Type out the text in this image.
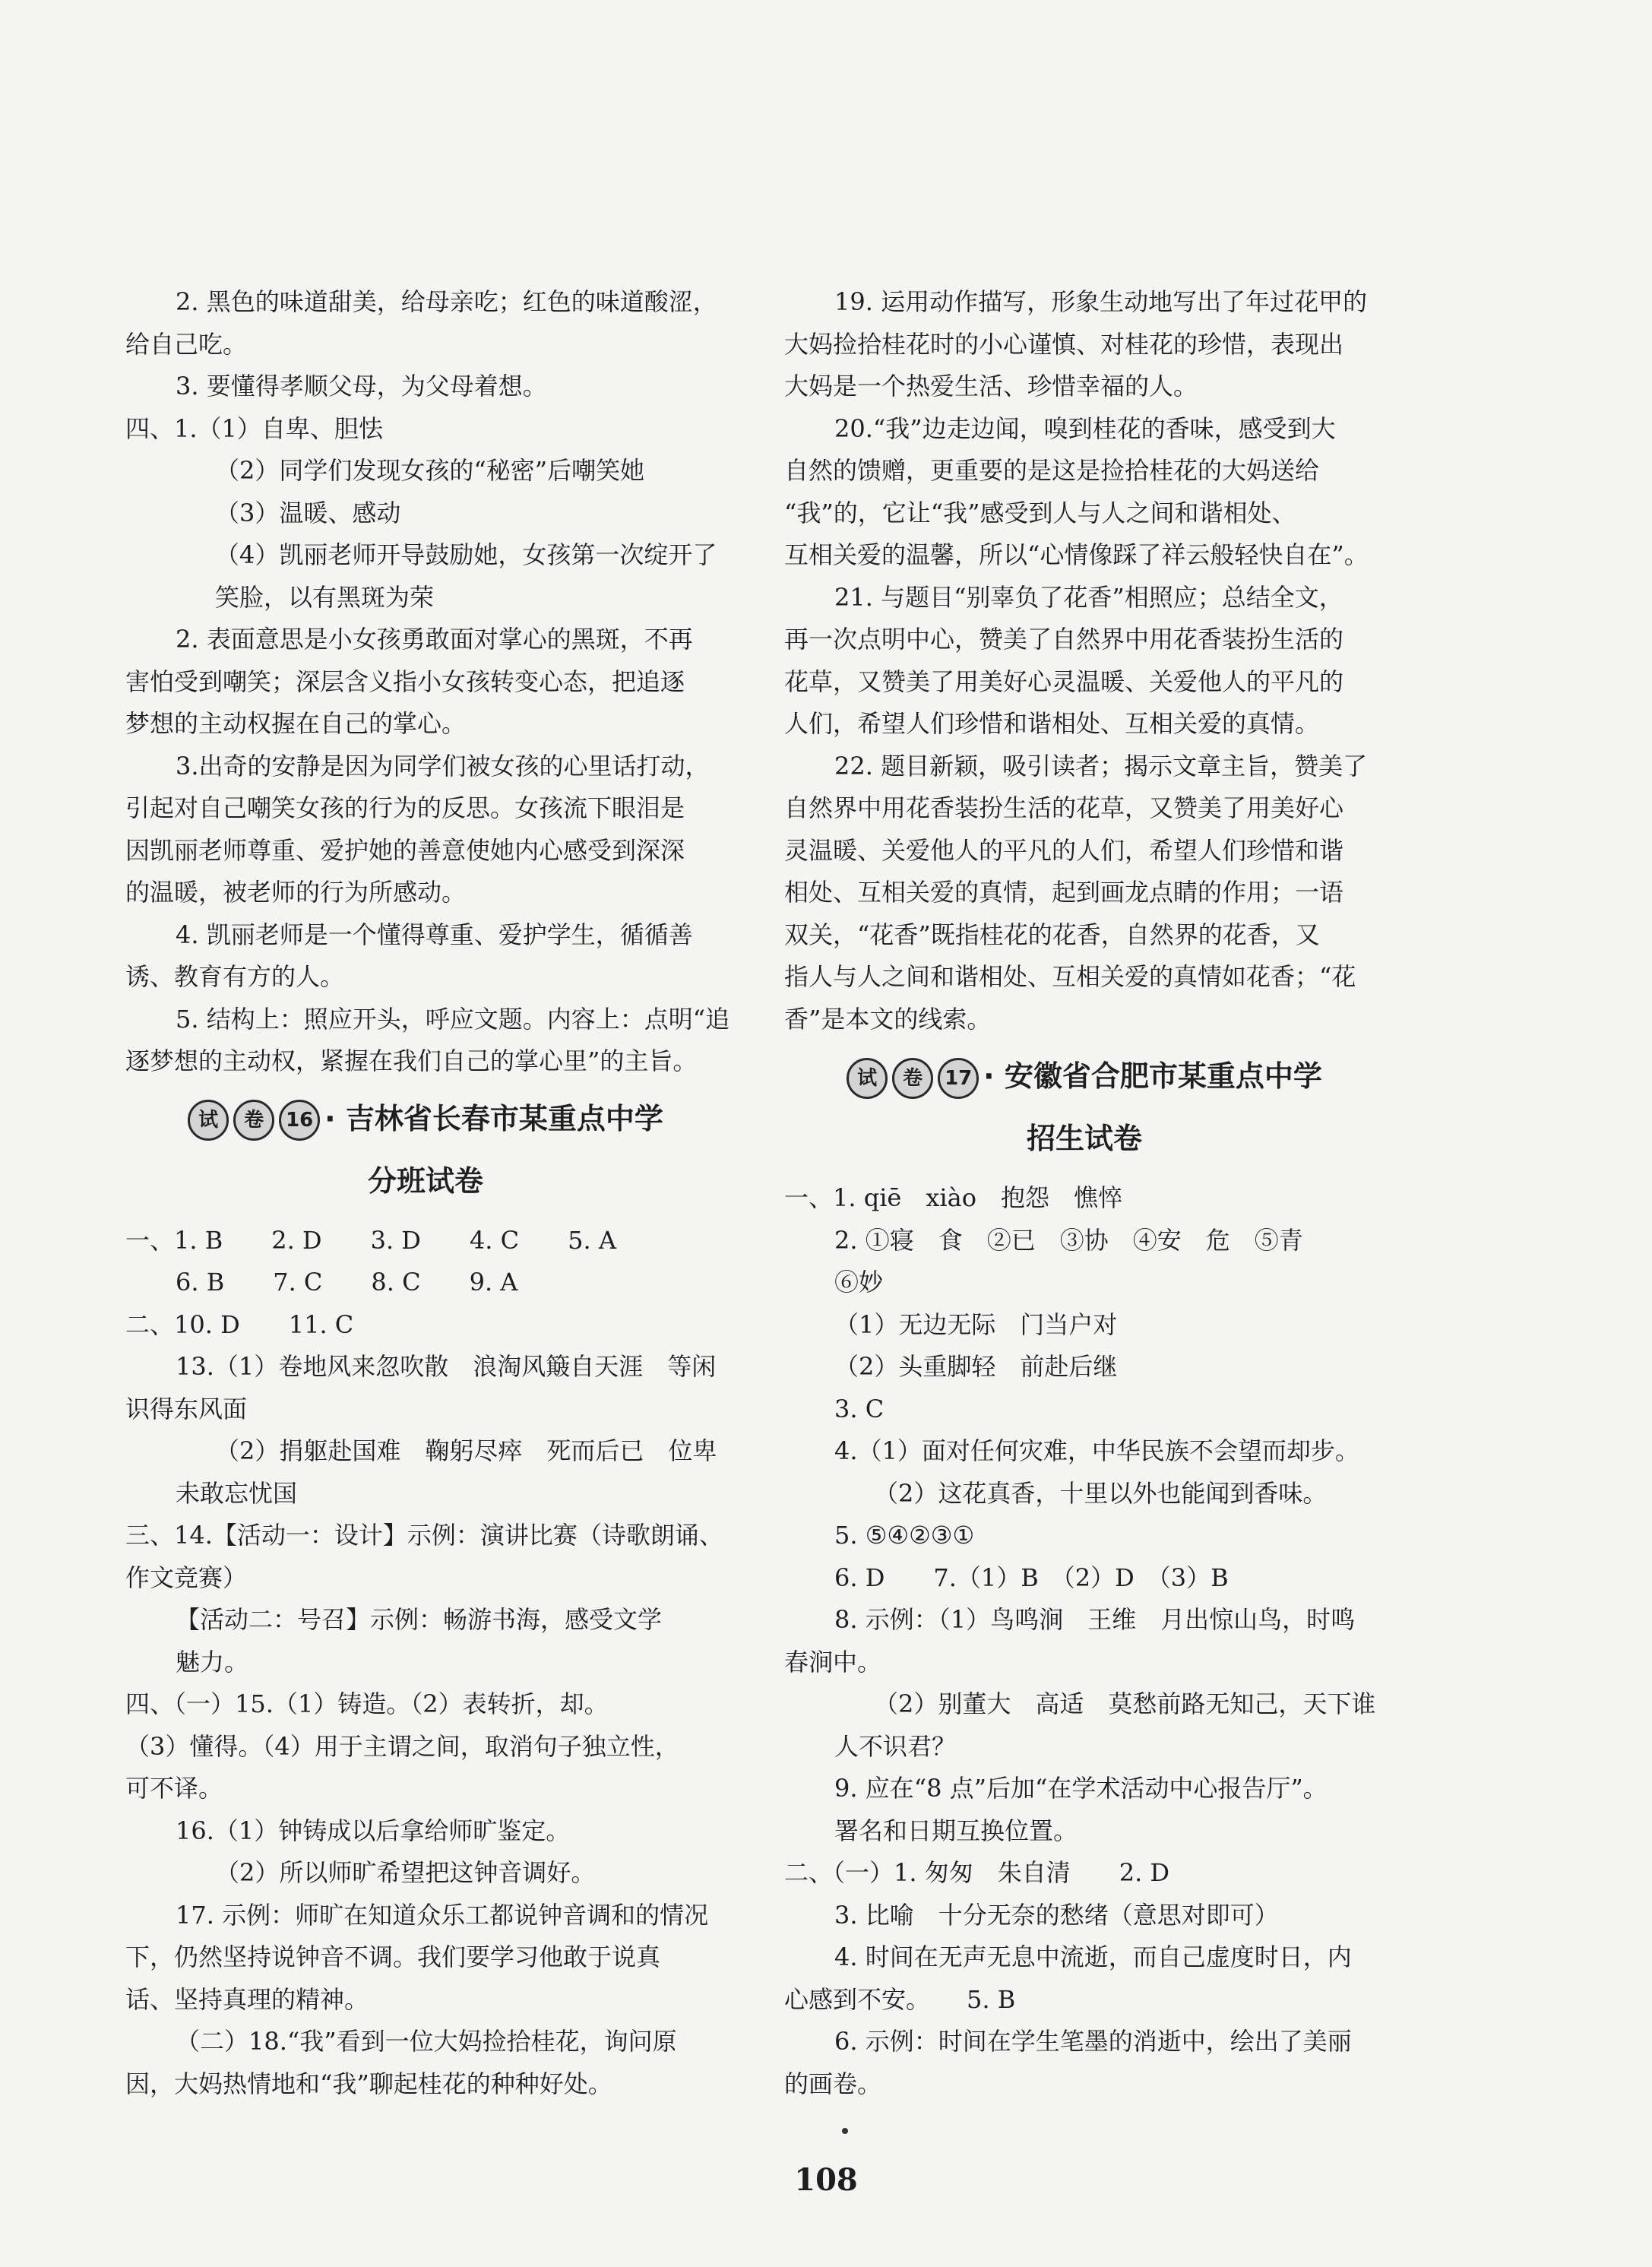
2. 黑色的味道甜美，给母亲吃；红色的味道酸涩，
给自己吃。
3. 要懂得孝顺父母，为父母着想。
四、1.（1）自卑、胆怯
（2）同学们发现女孩的“秘密”后嘲笑她
（3）温暖、感动
（4）凯丽老师开导鼓励她，女孩第一次绽开了
笑脸，以有黑斑为荣
2. 表面意思是小女孩勇敢面对掌心的黑斑，不再
害怕受到嘲笑；深层含义指小女孩转变心态，把追逐
梦想的主动权握在自己的掌心。
3.出奇的安静是因为同学们被女孩的心里话打动，
引起对自己嘲笑女孩的行为的反思。女孩流下眼泪是
因凯丽老师尊重、爱护她的善意使她内心感受到深深
的温暖，被老师的行为所感动。
4. 凯丽老师是一个懂得尊重、爱护学生，循循善
诱、教育有方的人。
5. 结构上：照应开头，呼应文题。内容上：点明“追
逐梦想的主动权，紧握在我们自己的掌心里”的主旨。
试 卷 16 · 吉林省长春市某重点中学
分班试卷
一、1. B　　2. D　　3. D　　4. C　　5. A
6. B　　7. C　　8. C　　9. A
二、10. D　　11. C
13.（1）卷地风来忽吹散　浪淘风簸自天涯　等闲
识得东风面
（2）捐躯赴国难　鞠躬尽瘁　死而后已　位卑
未敢忘忧国
三、14.【活动一：设计】示例：演讲比赛（诗歌朗诵、
作文竞赛）
【活动二：号召】示例：畅游书海，感受文学
魅力。
四、（一）15.（1）铸造。（2）表转折，却。
（3）懂得。（4）用于主谓之间，取消句子独立性，
可不译。
16.（1）钟铸成以后拿给师旷鉴定。
（2）所以师旷希望把这钟音调好。
17. 示例：师旷在知道众乐工都说钟音调和的情况
下，仍然坚持说钟音不调。我们要学习他敢于说真
话、坚持真理的精神。
（二）18.“我”看到一位大妈捡拾桂花，询问原
因，大妈热情地和“我”聊起桂花的种种好处。
19. 运用动作描写，形象生动地写出了年过花甲的
大妈捡拾桂花时的小心谨慎、对桂花的珍惜，表现出
大妈是一个热爱生活、珍惜幸福的人。
20.“我”边走边闻，嗅到桂花的香味，感受到大
自然的馈赠，更重要的是这是捡拾桂花的大妈送给
“我”的，它让“我”感受到人与人之间和谐相处、
互相关爱的温馨，所以“心情像踩了祥云般轻快自在”。
21. 与题目“别辜负了花香”相照应；总结全文，
再一次点明中心，赞美了自然界中用花香装扮生活的
花草，又赞美了用美好心灵温暖、关爱他人的平凡的
人们，希望人们珍惜和谐相处、互相关爱的真情。
22. 题目新颖，吸引读者；揭示文章主旨，赞美了
自然界中用花香装扮生活的花草，又赞美了用美好心
灵温暖、关爱他人的平凡的人们，希望人们珍惜和谐
相处、互相关爱的真情，起到画龙点睛的作用；一语
双关，“花香”既指桂花的花香，自然界的花香，又
指人与人之间和谐相处、互相关爱的真情如花香；“花
香”是本文的线索。
试 卷 17 · 安徽省合肥市某重点中学
招生试卷
一、1. qiē　xiào　抱怨　憔悴
2. ①寝　食　②已　③协　④安　危　⑤青
⑥妙
（1）无边无际　门当户对
（2）头重脚轻　前赴后继
3. C
4.（1）面对任何灾难，中华民族不会望而却步。
（2）这花真香，十里以外也能闻到香味。
5. ⑤④②③①
6. D　　7.（1）B　（2）D　（3）B
8. 示例：（1）鸟鸣涧　王维　月出惊山鸟，时鸣
春涧中。
（2）别董大　高适　莫愁前路无知己，天下谁
人不识君？
9. 应在“8 点”后加“在学术活动中心报告厅”。
署名和日期互换位置。
二、（一）1. 匆匆　朱自清　　2. D
3. 比喻　十分无奈的愁绪（意思对即可）
4. 时间在无声无息中流逝，而自己虚度时日，内
心感到不安。　　5. B
6. 示例：时间在学生笔墨的消逝中，绘出了美丽
的画卷。
108
